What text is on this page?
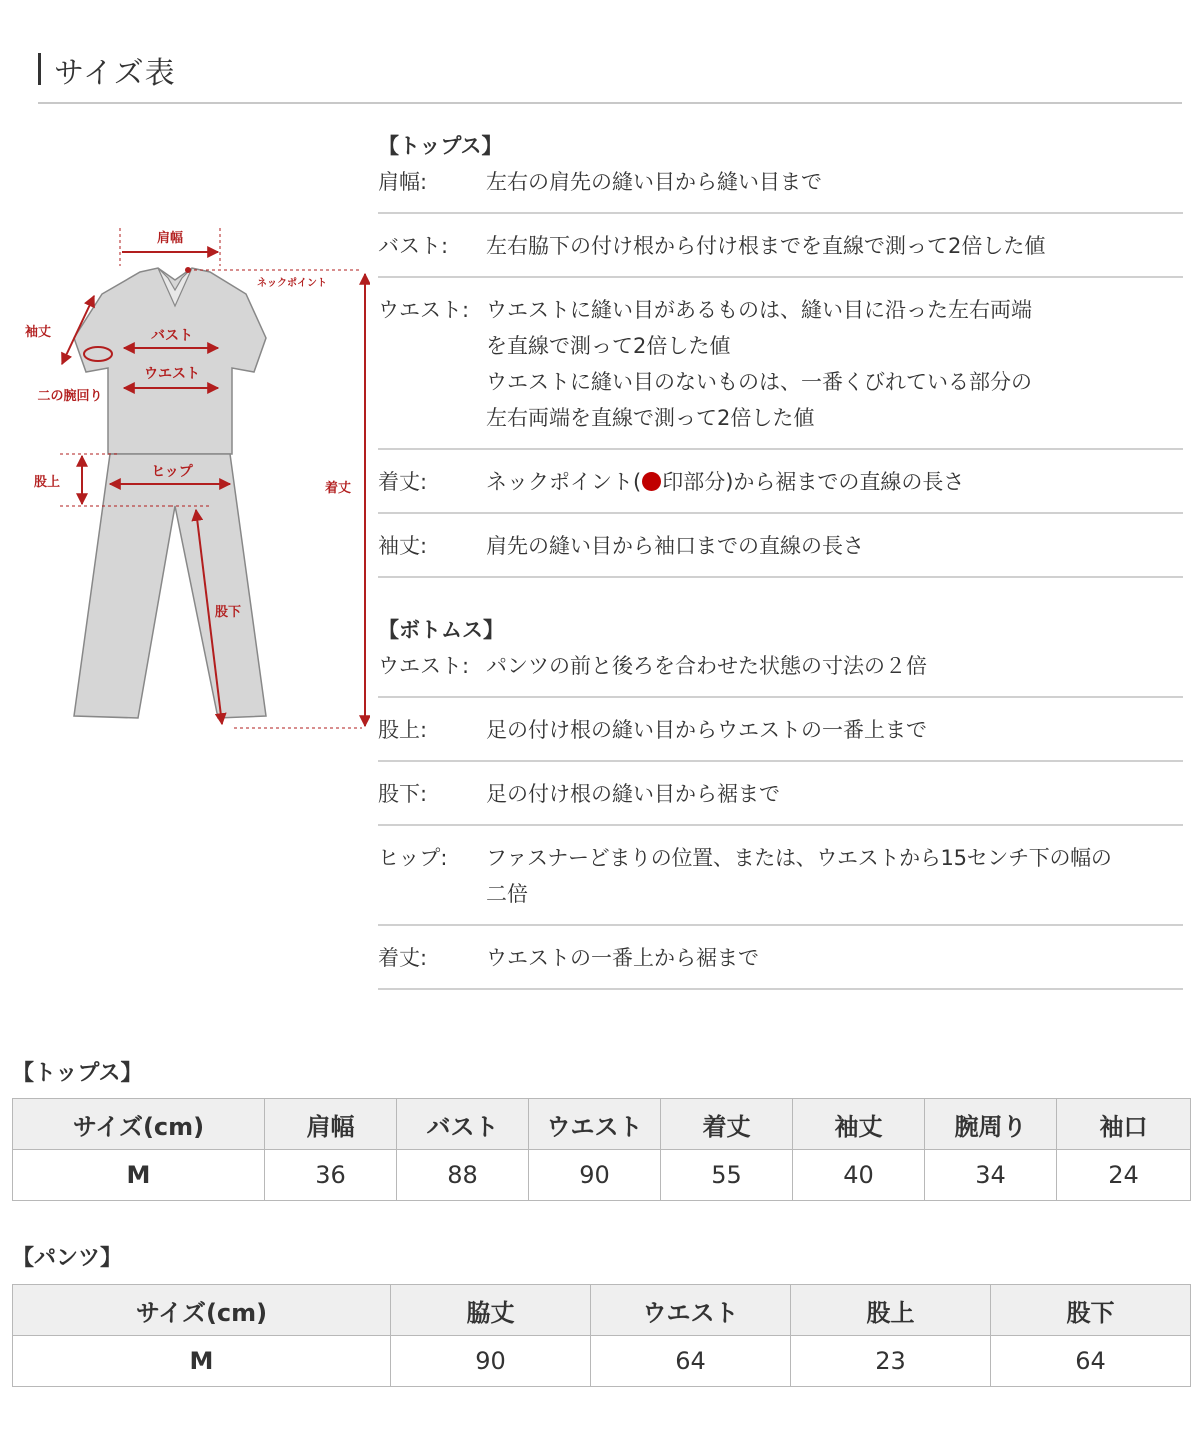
サイズ表
肩幅
ネックポイント
袖丈	バスト
ウエスト
二の腕回り
着丈
股上
ヒップ
股下
【トップス】
肩幅:	左右の肩先の縫い目から縫い目まで
バスト:	左右脇下の付け根から付け根までを直線で測って2倍した値
ウエスト: ウエストに縫い目があるものは、縫い目に沿った左右両端
を直線で測って2倍した値
ウエストに縫い目のないものは、一番くびれている部分の
左右両端を直線で測って2倍した値
着丈:	ネックポイント( 印部分)から裾までの直線の長さ
袖丈:	肩先の縫い目から袖口までの直線の長さ
【ボトムス】
ウエスト: パンツの前と後ろを合わせた状態の寸法の２倍
股上:	足の付け根の縫い目からウエストの一番上まで
股下:	足の付け根の縫い目から裾まで
ヒップ:	ファスナーどまりの位置、または、ウエストから15センチ下の幅の
二倍
着丈:	ウエストの一番上から裾まで
【トップス】
サイズ(cm)	肩幅	バスト	ウエスト	着丈	袖丈	腕周り	袖口
M	36	88	90	55	40	34	24
【パンツ】
サイズ(cm)	脇丈	ウエスト	股上	股下
M	90	64	23	64
